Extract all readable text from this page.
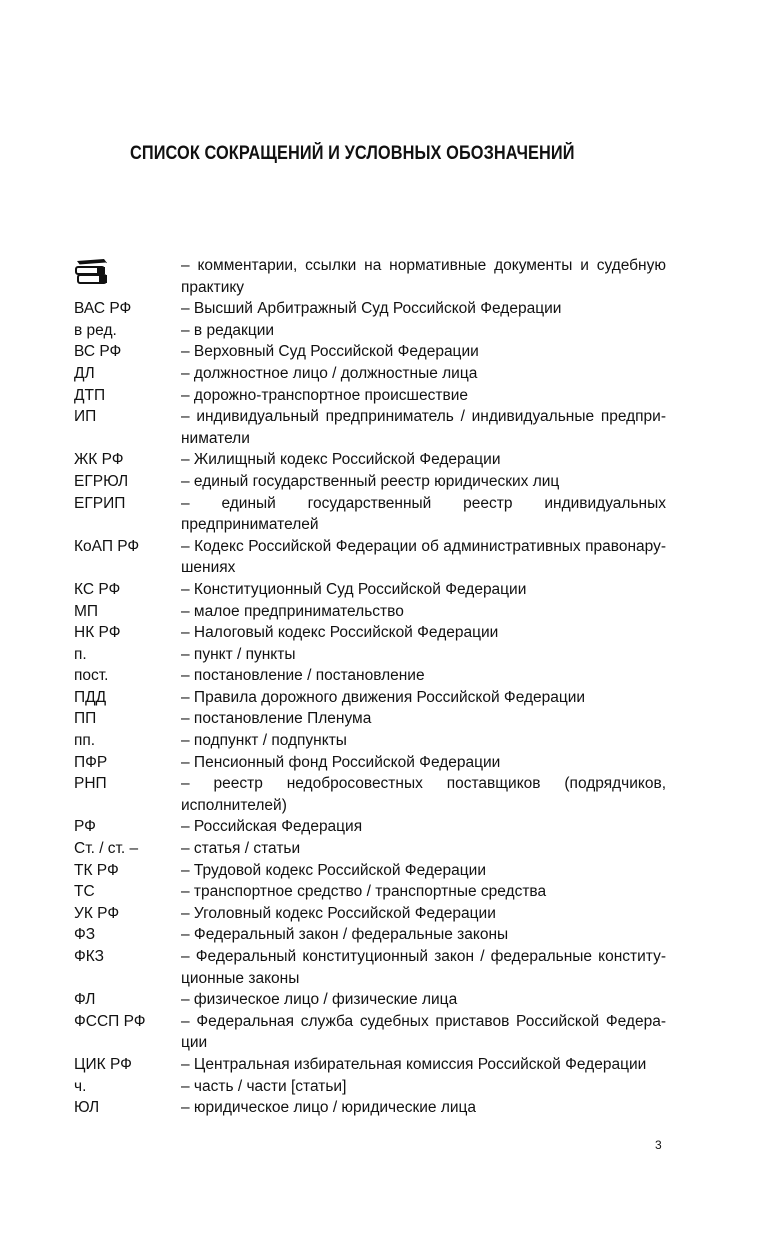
СПИСОК СОКРАЩЕНИЙ И УСЛОВНЫХ ОБОЗНАЧЕНИЙ
– комментарии, ссылки на нормативные документы и судебную практику
ВАС РФ	– Высший Арбитражный Суд Российской Федерации
в ред.	– в редакции
ВС РФ	– Верховный Суд Российской Федерации
ДЛ	– должностное лицо / должностные лица
ДТП	– дорожно-транспортное происшествие
ИП	– индивидуальный предприниматель / индивидуальные предприниматели
ЖК РФ	– Жилищный кодекс Российской Федерации
ЕГРЮЛ	– единый государственный реестр юридических лиц
ЕГРИП	– единый государственный реестр индивидуальных предпринимателей
КоАП РФ	– Кодекс Российской Федерации об административных правонарушениях
КС РФ	– Конституционный Суд Российской Федерации
МП	– малое предпринимательство
НК РФ	– Налоговый кодекс Российской Федерации
п.	– пункт / пункты
пост.	– постановление / постановление
ПДД	– Правила дорожного движения Российской Федерации
ПП	– постановление Пленума
пп.	– подпункт / подпункты
ПФР	– Пенсионный фонд Российской Федерации
РНП	– реестр недобросовестных поставщиков (подрядчиков, исполнителей)
РФ	– Российская Федерация
Ст. / ст. –	– статья / статьи
ТК РФ	– Трудовой кодекс Российской Федерации
ТС	– транспортное средство / транспортные средства
УК РФ	– Уголовный кодекс Российской Федерации
ФЗ	– Федеральный закон / федеральные законы
ФКЗ	– Федеральный конституционный закон / федеральные конституционные законы
ФЛ	– физическое лицо / физические лица
ФССП РФ	– Федеральная служба судебных приставов Российской Федерации
ЦИК РФ	– Центральная избирательная комиссия Российской Федерации
ч.	– часть / части [статьи]
ЮЛ	– юридическое лицо / юридические лица
3
